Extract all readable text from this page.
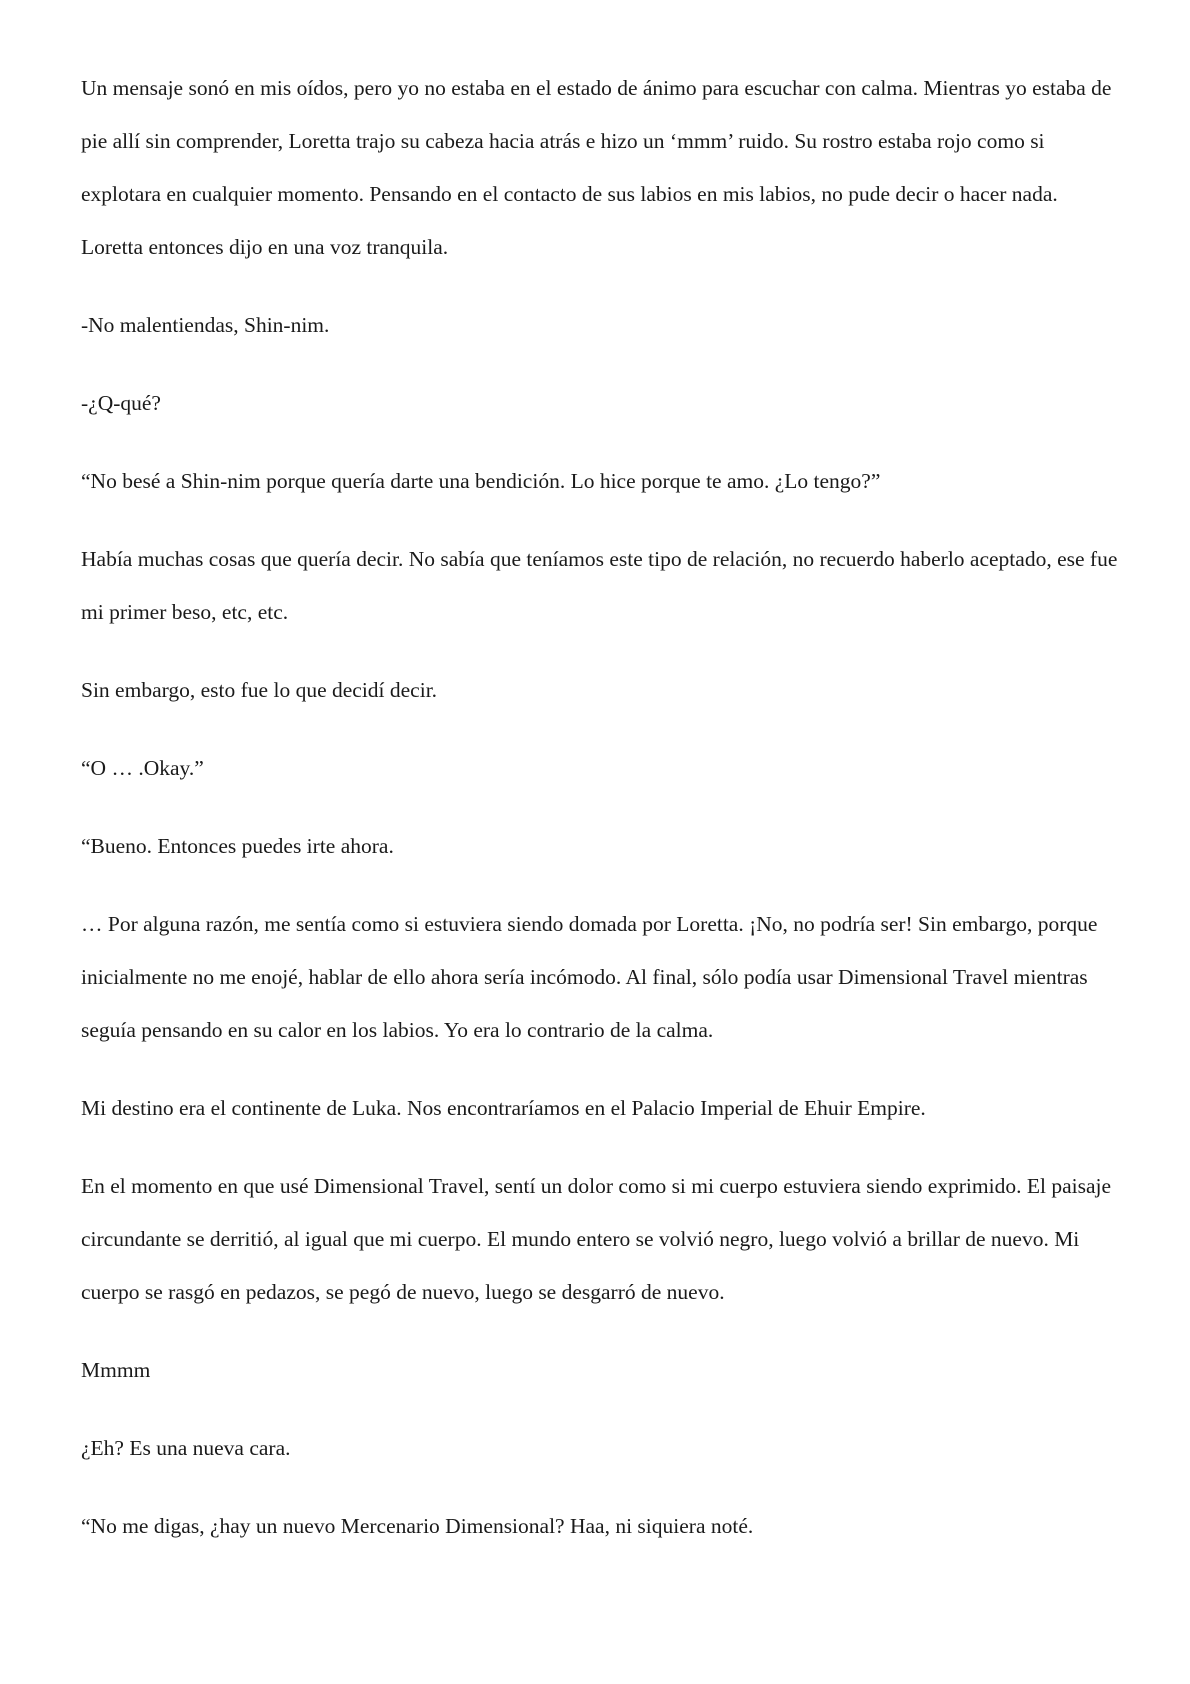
Un mensaje sonó en mis oídos, pero yo no estaba en el estado de ánimo para escuchar con calma. Mientras yo estaba de pie allí sin comprender, Loretta trajo su cabeza hacia atrás e hizo un ‘mmm’ ruido. Su rostro estaba rojo como si explotara en cualquier momento. Pensando en el contacto de sus labios en mis labios, no pude decir o hacer nada. Loretta entonces dijo en una voz tranquila.

-No malentiendas, Shin-nim.

-¿Q-qué?

“No besé a Shin-nim porque quería darte una bendición. Lo hice porque te amo. ¿Lo tengo?”

Había muchas cosas que quería decir. No sabía que teníamos este tipo de relación, no recuerdo haberlo aceptado, ese fue mi primer beso, etc, etc.

Sin embargo, esto fue lo que decidí decir.

“O … .Okay.”

“Bueno. Entonces puedes irte ahora.

… Por alguna razón, me sentía como si estuviera siendo domada por Loretta. ¡No, no podría ser! Sin embargo, porque inicialmente no me enojé, hablar de ello ahora sería incómodo. Al final, sólo podía usar Dimensional Travel mientras seguía pensando en su calor en los labios. Yo era lo contrario de la calma.

Mi destino era el continente de Luka. Nos encontraríamos en el Palacio Imperial de Ehuir Empire.

En el momento en que usé Dimensional Travel, sentí un dolor como si mi cuerpo estuviera siendo exprimido. El paisaje circundante se derritió, al igual que mi cuerpo. El mundo entero se volvió negro, luego volvió a brillar de nuevo. Mi cuerpo se rasgó en pedazos, se pegó de nuevo, luego se desgarró de nuevo.

Mmmm

¿Eh? Es una nueva cara.

“No me digas, ¿hay un nuevo Mercenario Dimensional? Haa, ni siquiera noté.
